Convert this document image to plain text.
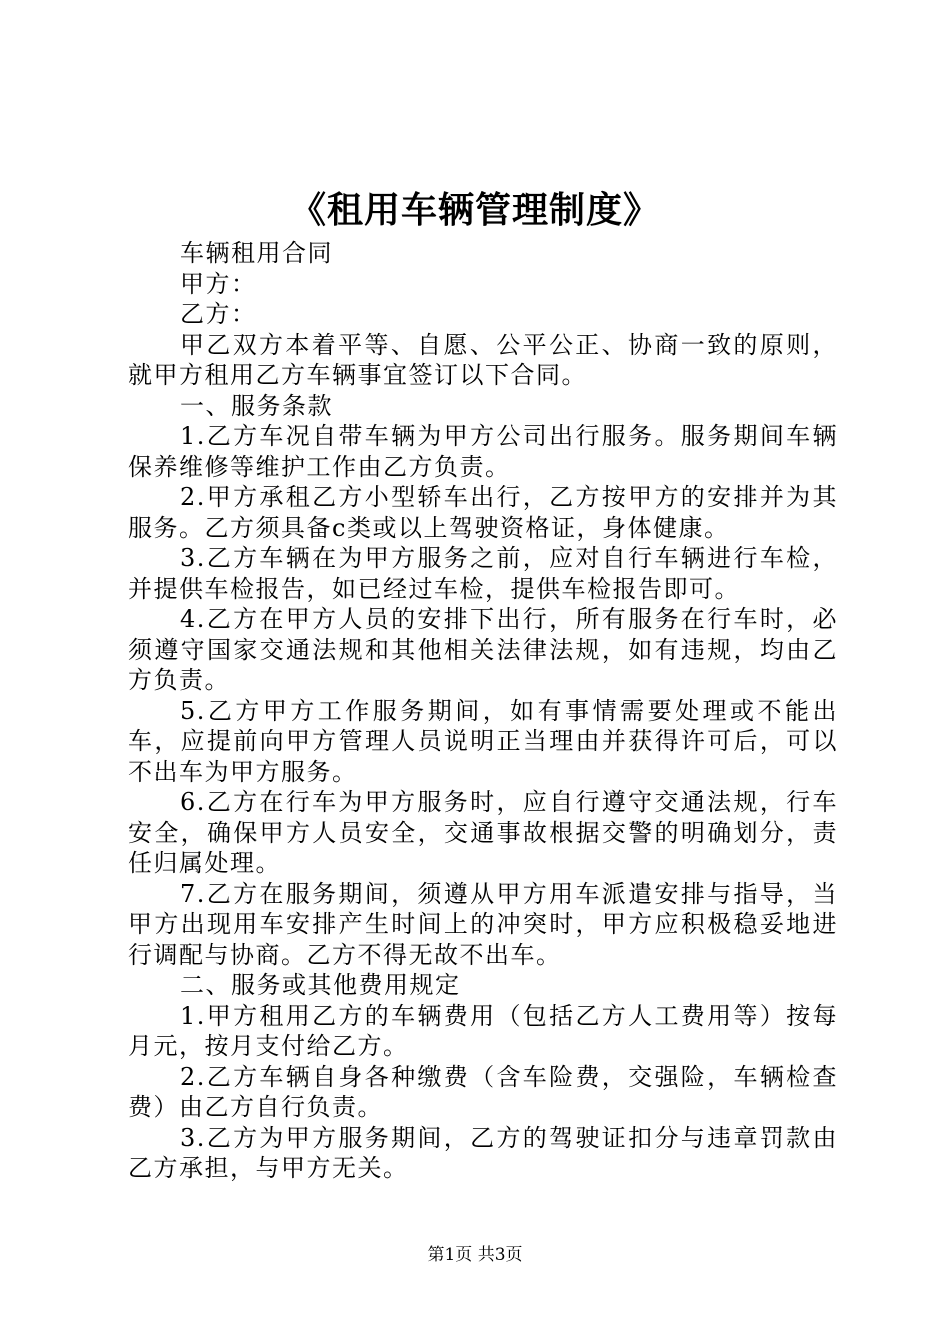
《租用车辆管理制度》

车辆租用合同

甲方：

乙方：

甲乙双方本着平等、自愿、公平公正、协商一致的原则，就甲方租用乙方车辆事宜签订以下合同。

一、服务条款

1.乙方车况自带车辆为甲方公司出行服务。服务期间车辆保养维修等维护工作由乙方负责。

2.甲方承租乙方小型轿车出行，乙方按甲方的安排并为其服务。乙方须具备c类或以上驾驶资格证，身体健康。

3.乙方车辆在为甲方服务之前，应对自行车辆进行车检，并提供车检报告，如已经过车检，提供车检报告即可。

4.乙方在甲方人员的安排下出行，所有服务在行车时，必须遵守国家交通法规和其他相关法律法规，如有违规，均由乙方负责。

5.乙方甲方工作服务期间，如有事情需要处理或不能出车，应提前向甲方管理人员说明正当理由并获得许可后，可以不出车为甲方服务。

6.乙方在行车为甲方服务时，应自行遵守交通法规，行车安全，确保甲方人员安全，交通事故根据交警的明确划分，责任归属处理。

7.乙方在服务期间，须遵从甲方用车派遣安排与指导，当甲方出现用车安排产生时间上的冲突时，甲方应积极稳妥地进行调配与协商。乙方不得无故不出车。

二、服务或其他费用规定

1.甲方租用乙方的车辆费用（包括乙方人工费用等）按每月元，按月支付给乙方。

2.乙方车辆自身各种缴费（含车险费，交强险，车辆检查费）由乙方自行负责。

3.乙方为甲方服务期间，乙方的驾驶证扣分与违章罚款由乙方承担，与甲方无关。

第1页 共3页
